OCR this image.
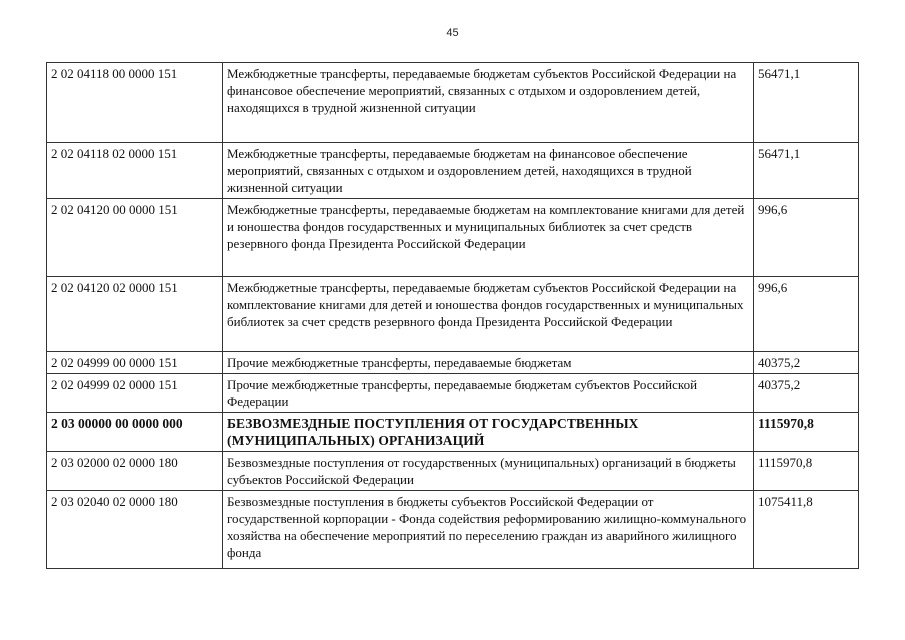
45
2 02 04118 00 0000 151	Межбюджетные трансферты, передаваемые бюджетам субъектов Российской Федерации на финансовое обеспечение мероприятий, связанных с отдыхом и оздоровлением детей, находящихся в трудной жизненной ситуации	56471,1
2 02 04118 02 0000 151	Межбюджетные трансферты, передаваемые бюджетам на финансовое обеспечение мероприятий, связанных с отдыхом и оздоровлением детей, находящихся в трудной жизненной ситуации	56471,1
2 02 04120 00 0000 151	Межбюджетные трансферты, передаваемые бюджетам на комплектование книгами для детей и юношества фондов государственных и муниципальных библиотек за счет средств резервного фонда Президента Российской Федерации	996,6
2 02 04120 02 0000 151	Межбюджетные трансферты, передаваемые бюджетам субъектов Российской Федерации на комплектование книгами для детей и юношества фондов государственных и муниципальных библиотек за счет средств резервного фонда Президента Российской Федерации	996,6
2 02 04999 00 0000 151	Прочие межбюджетные трансферты, передаваемые бюджетам	40375,2
2 02 04999 02 0000 151	Прочие межбюджетные трансферты, передаваемые бюджетам субъектов Российской Федерации	40375,2
2 03 00000 00 0000 000	БЕЗВОЗМЕЗДНЫЕ ПОСТУПЛЕНИЯ ОТ ГОСУДАРСТВЕННЫХ (МУНИЦИПАЛЬНЫХ) ОРГАНИЗАЦИЙ	1115970,8
2 03 02000 02 0000 180	Безвозмездные поступления от государственных (муниципальных) организаций в бюджеты субъектов Российской Федерации	1115970,8
2 03 02040 02 0000 180	Безвозмездные поступления в бюджеты субъектов Российской Федерации от государственной корпорации - Фонда содействия реформированию жилищно-коммунального хозяйства на обеспечение мероприятий по переселению граждан из аварийного жилищного фонда	1075411,8
